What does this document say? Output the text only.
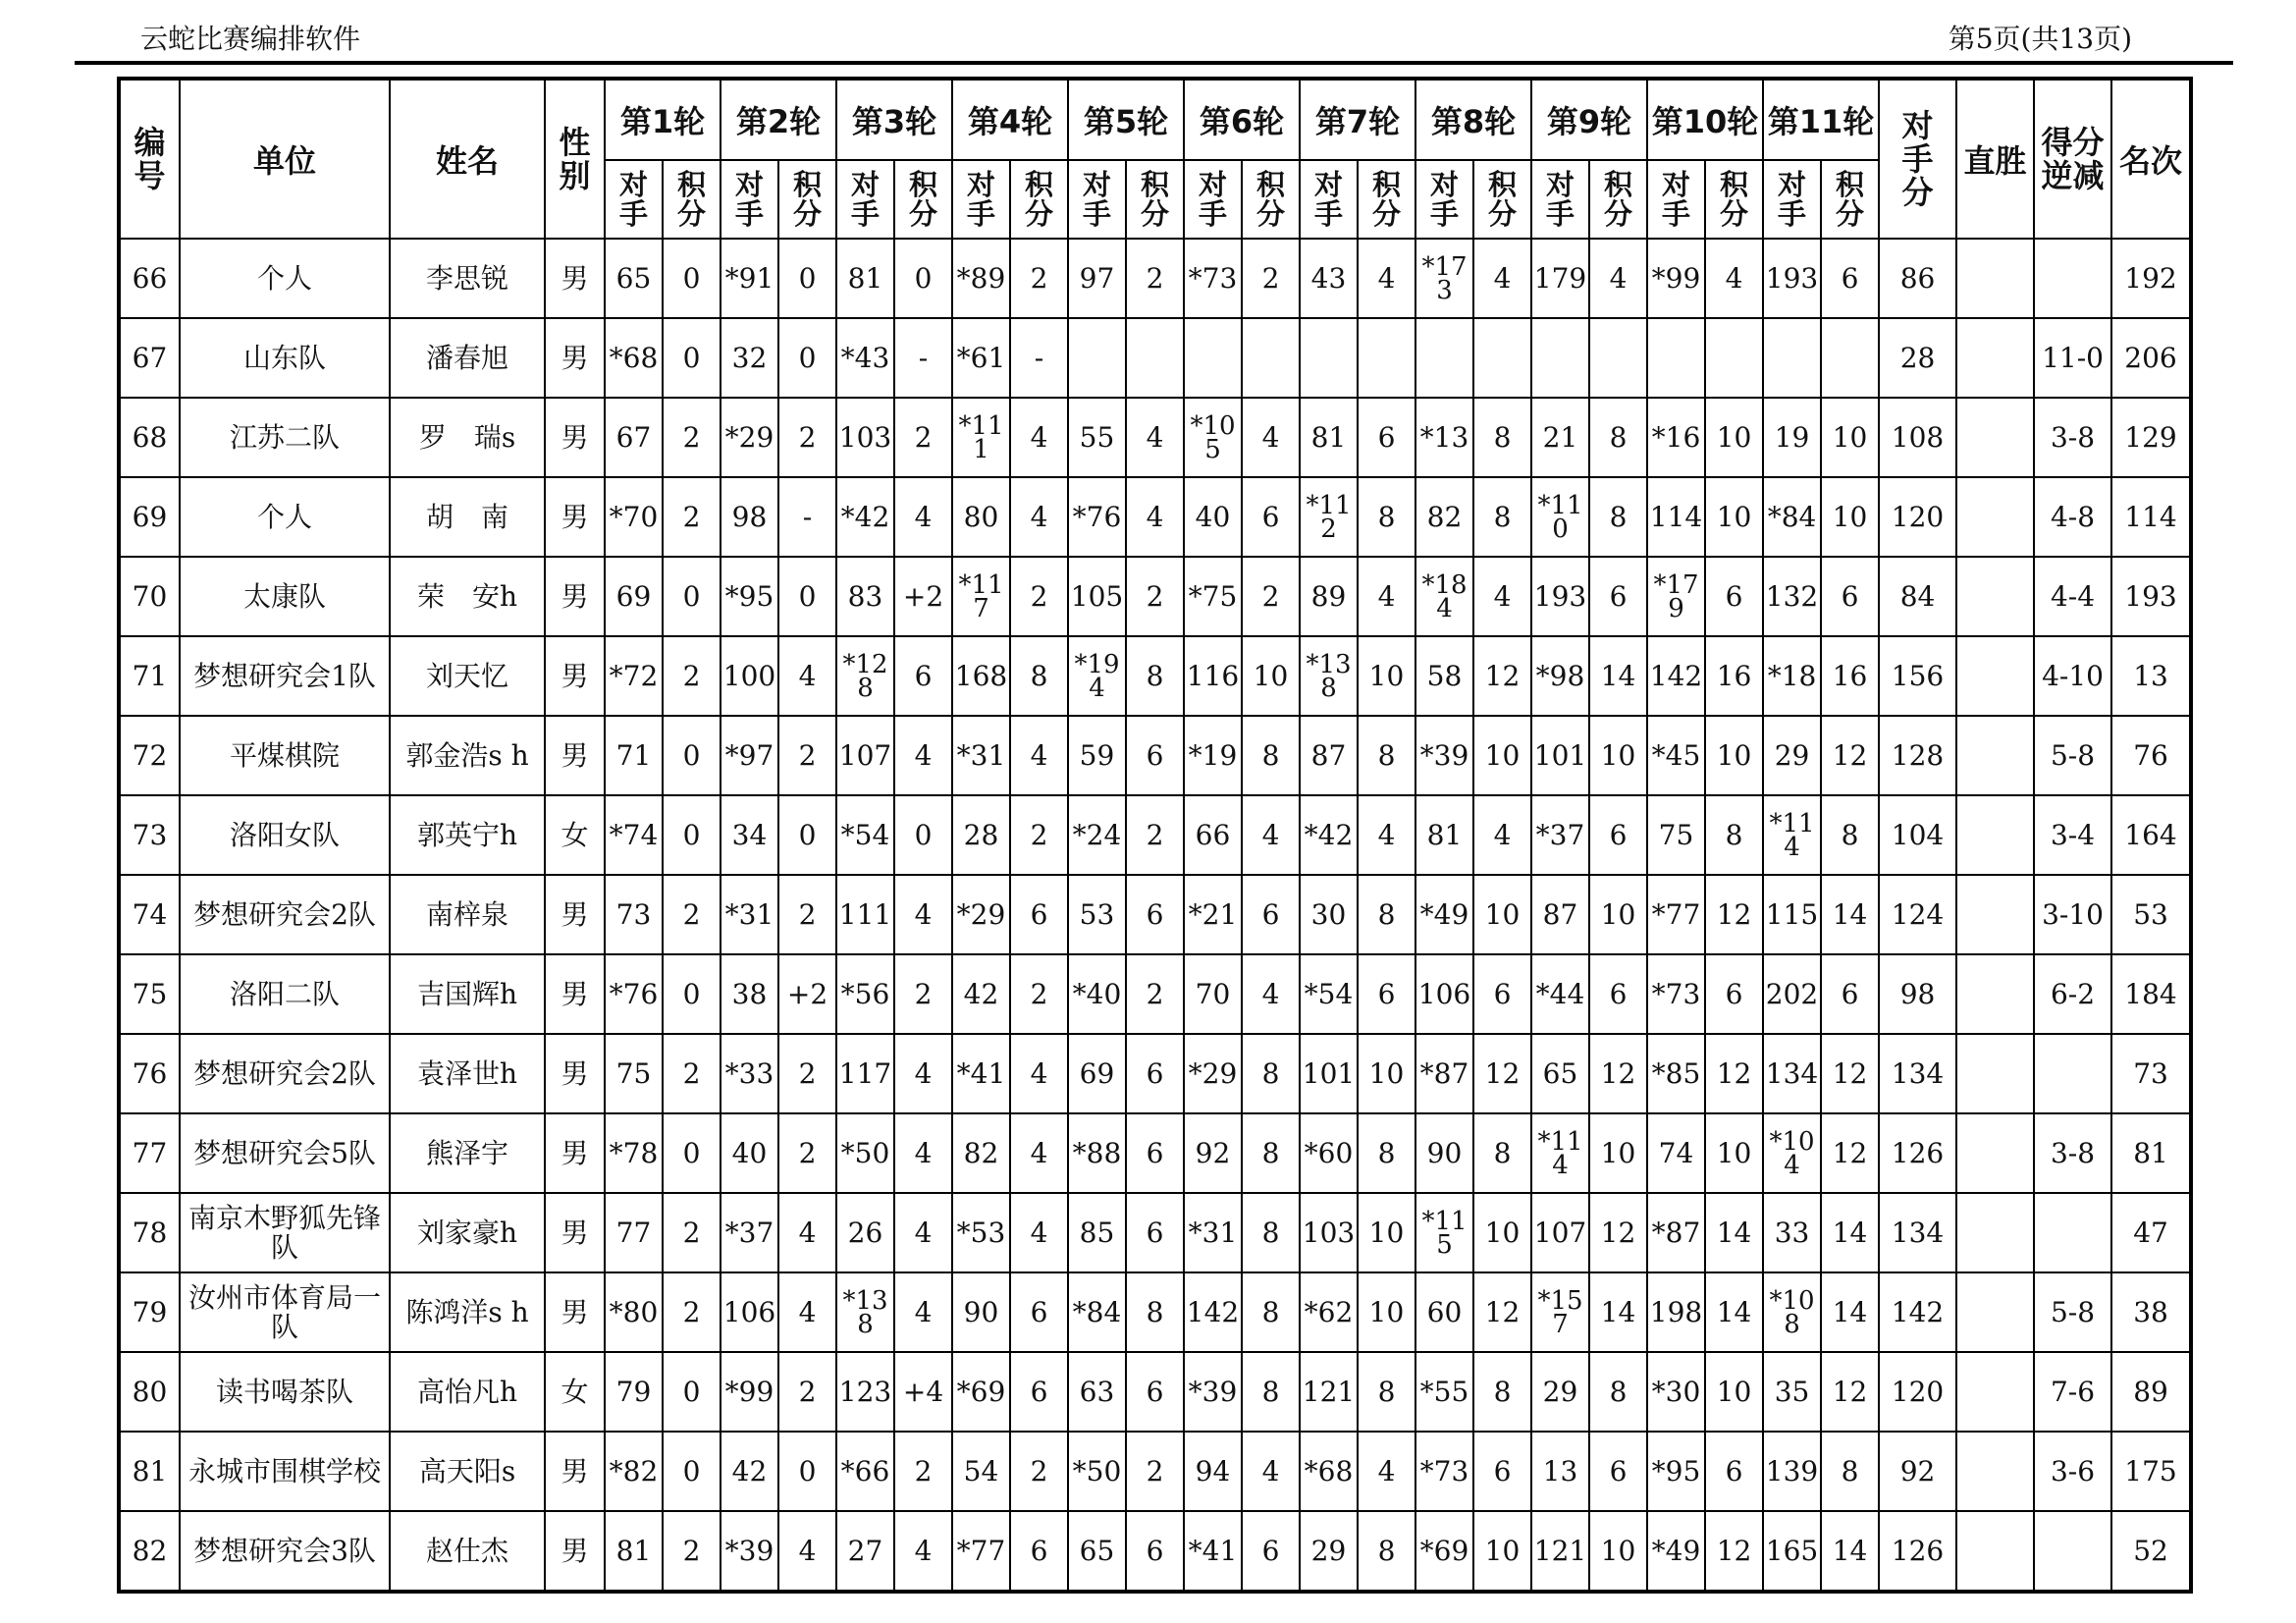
云蛇比赛编排软件	第5页(共13页)
编号	单位	姓名	性别	第1轮		第2轮		第3轮		第4轮		第5轮		第6轮		第7轮		第8轮		第9轮		第10轮		第11轮		对手分	直胜	得分逆减	名次
				对手	积分	对手	积分	对手	积分	对手	积分	对手	积分	对手	积分	对手	积分	对手	积分	对手	积分	对手	积分	对手	积分				
66	个人	李思锐	男	65	0	*91	0	81	0	*89	2	97	2	*73	2	43	4	*173	4	179	4	*99	4	193	6	86			192
67	山东队	潘春旭	男	*68	0	32	0	*43	-	*61	-															28		11-0	206
68	江苏二队	罗　瑞s	男	67	2	*29	2	103	2	*111	4	55	4	*105	4	81	6	*13	8	21	8	*16	10	19	10	108		3-8	129
69	个人	胡　南	男	*70	2	98	-	*42	4	80	4	*76	4	40	6	*112	8	82	8	*110	8	114	10	*84	10	120		4-8	114
70	太康队	荣　安h	男	69	0	*95	0	83	+2	*117	2	105	2	*75	2	89	4	*184	4	193	6	*179	6	132	6	84		4-4	193
71	梦想研究会1队	刘天忆	男	*72	2	100	4	*128	6	168	8	*194	8	116	10	*138	10	58	12	*98	14	142	16	*18	16	156		4-10	13
72	平煤棋院	郭金浩s h	男	71	0	*97	2	107	4	*31	4	59	6	*19	8	87	8	*39	10	101	10	*45	10	29	12	128		5-8	76
73	洛阳女队	郭英宁h	女	*74	0	34	0	*54	0	28	2	*24	2	66	4	*42	4	81	4	*37	6	75	8	*114	8	104		3-4	164
74	梦想研究会2队	南梓泉	男	73	2	*31	2	111	4	*29	6	53	6	*21	6	30	8	*49	10	87	10	*77	12	115	14	124		3-10	53
75	洛阳二队	吉国辉h	男	*76	0	38	+2	*56	2	42	2	*40	2	70	4	*54	6	106	6	*44	6	*73	6	202	6	98		6-2	184
76	梦想研究会2队	袁泽世h	男	75	2	*33	2	117	4	*41	4	69	6	*29	8	101	10	*87	12	65	12	*85	12	134	12	134			73
77	梦想研究会5队	熊泽宇	男	*78	0	40	2	*50	4	82	4	*88	6	92	8	*60	8	90	8	*114	10	74	10	*104	12	126		3-8	81
78	南京木野狐先锋队	刘家豪h	男	77	2	*37	4	26	4	*53	4	85	6	*31	8	103	10	*115	10	107	12	*87	14	33	14	134			47
79	汝州市体育局一队	陈鸿洋s h	男	*80	2	106	4	*138	4	90	6	*84	8	142	8	*62	10	60	12	*157	14	198	14	*108	14	142		5-8	38
80	读书喝茶队	高怡凡h	女	79	0	*99	2	123	+4	*69	6	63	6	*39	8	121	8	*55	8	29	8	*30	10	35	12	120		7-6	89
81	永城市围棋学校	高天阳s	男	*82	0	42	0	*66	2	54	2	*50	2	94	4	*68	4	*73	6	13	6	*95	6	139	8	92		3-6	175
82	梦想研究会3队	赵仕杰	男	81	2	*39	4	27	4	*77	6	65	6	*41	6	29	8	*69	10	121	10	*49	12	165	14	126			52
